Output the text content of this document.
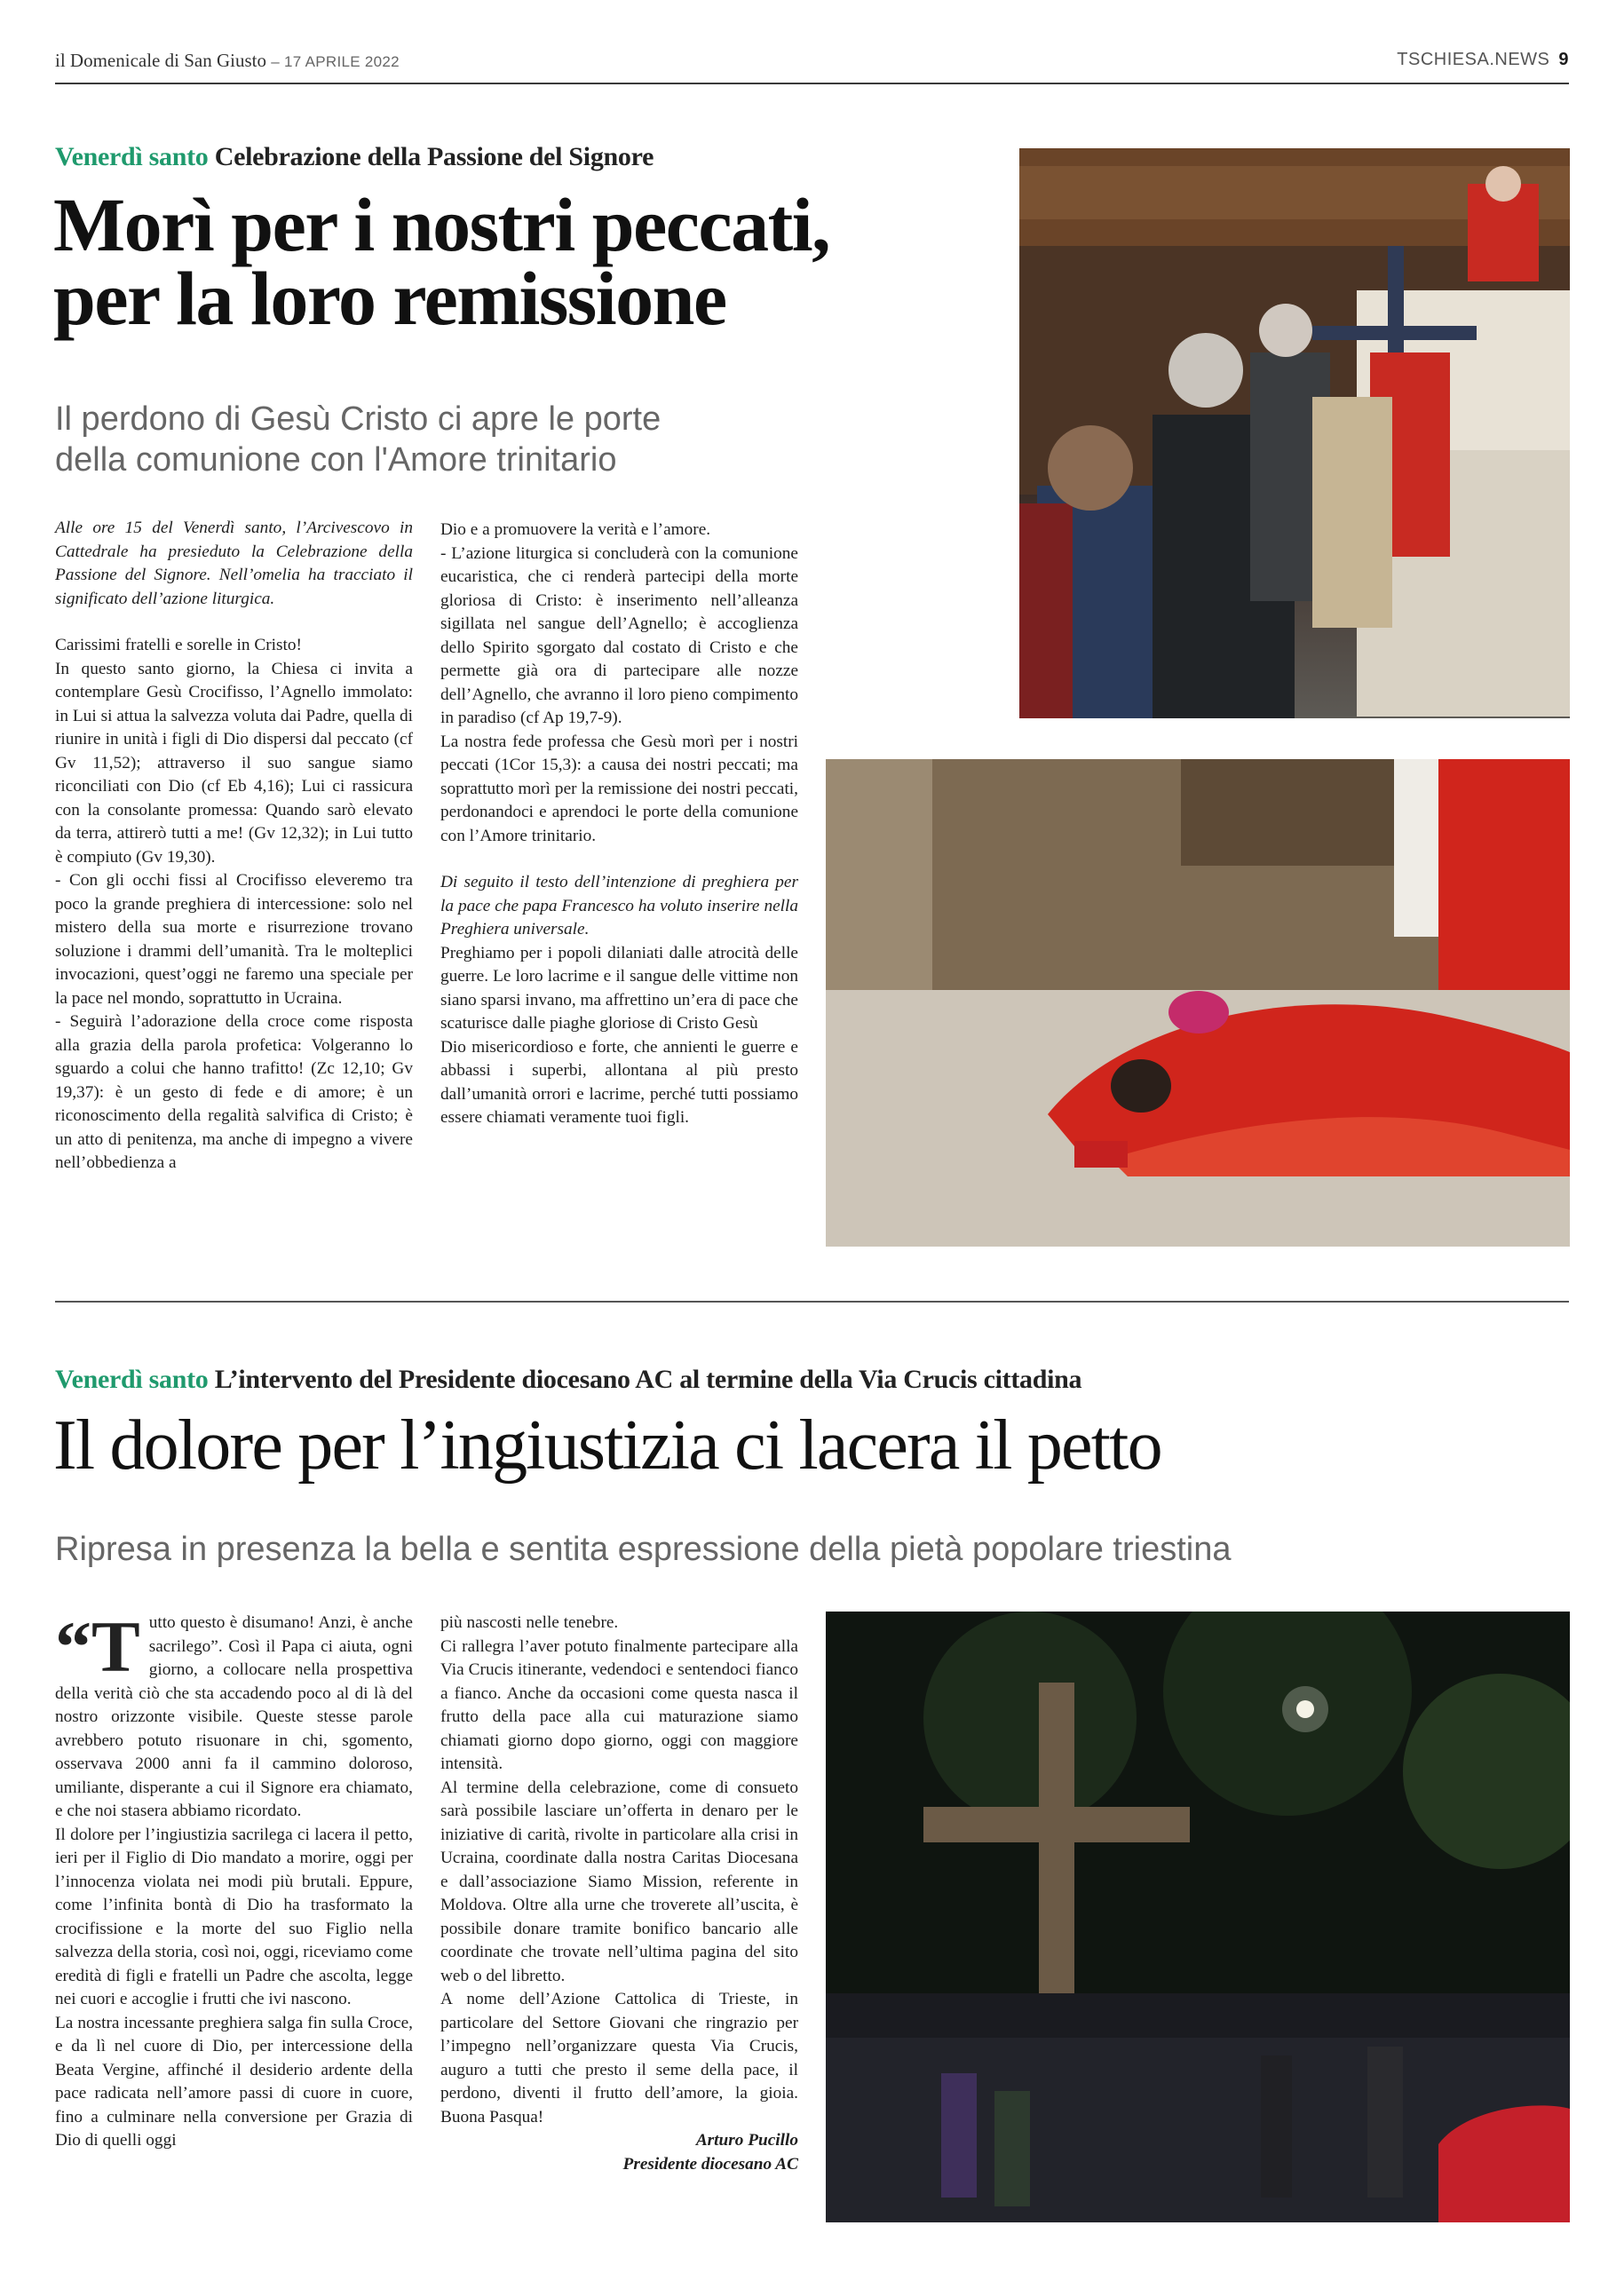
il Domenicale di San Giusto – 17 APRILE 2022	TSCHIESA.NEWS 9
Venerdì santo Celebrazione della Passione del Signore
Morì per i nostri peccati,
per la loro remissione
Il perdono di Gesù Cristo ci apre le porte
della comunione con l'Amore trinitario

Alle ore 15 del Venerdì santo, l’Arcivescovo in Cattedrale ha presieduto la Celebrazione della Passione del Signore. Nell’omelia ha tracciato il significato dell’azione liturgica.

Carissimi fratelli e sorelle in Cristo!

In questo santo giorno, la Chiesa ci invita a contemplare Gesù Crocifisso, l’Agnello immolato: in Lui si attua la salvezza voluta dai Padre, quella di riunire in unità i figli di Dio dispersi dal peccato (cf Gv 11,52); attraverso il suo sangue siamo riconciliati con Dio (cf Eb 4,16); Lui ci rassicura con la consolante promessa: Quando sarò elevato da terra, attirerò tutti a me! (Gv 12,32); in Lui tutto è compiuto (Gv 19,30).

- Con gli occhi fissi al Crocifisso eleveremo tra poco la grande preghiera di intercessione: solo nel mistero della sua morte e risurrezione trovano soluzione i drammi dell’umanità. Tra le molteplici invocazioni, quest’oggi ne faremo una speciale per la pace nel mondo, soprattutto in Ucraina.

- Seguirà l’adorazione della croce come risposta alla grazia della parola profetica: Volgeranno lo sguardo a colui che hanno trafitto! (Zc 12,10; Gv 19,37): è un gesto di fede e di amore; è un riconoscimento della regalità salvifica di Cristo; è un atto di penitenza, ma anche di impegno a vivere nell’obbedienza a

Dio e a promuovere la verità e l’amore.

- L’azione liturgica si concluderà con la comunione eucaristica, che ci renderà partecipi della morte gloriosa di Cristo: è inserimento nell’alleanza sigillata nel sangue dell’Agnello; è accoglienza dello Spirito sgorgato dal costato di Cristo e che permette già ora di partecipare alle nozze dell’Agnello, che avranno il loro pieno compimento in paradiso (cf Ap 19,7-9).

La nostra fede professa che Gesù morì per i nostri peccati (1Cor 15,3): a causa dei nostri peccati; ma soprattutto morì per la remissione dei nostri peccati, perdonandoci e aprendoci le porte della comunione con l’Amore trinitario.

Di seguito il testo dell’intenzione di preghiera per la pace che papa Francesco ha voluto inserire nella Preghiera universale.

Preghiamo per i popoli dilaniati dalle atrocità delle guerre. Le loro lacrime e il sangue delle vittime non siano sparsi invano, ma affrettino un’era di pace che scaturisce dalle piaghe gloriose di Cristo Gesù

Dio misericordioso e forte, che annienti le guerre e abbassi i superbi, allontana al più presto dall’umanità orrori e lacrime, perché tutti possiamo essere chiamati veramente tuoi figli.

Venerdì santo L’intervento del Presidente diocesano AC al termine della Via Crucis cittadina
Il dolore per l’ingiustizia ci lacera il petto
Ripresa in presenza la bella e sentita espressione della pietà popolare triestina
“T utto questo è disumano! Anzi, è anche sacrilego”. Così il Papa ci aiuta, ogni giorno, a collocare nella prospettiva della verità ciò che sta accadendo poco al di là del nostro orizzonte visibile. Queste stesse parole avrebbero potuto risuonare in chi, sgomento, osservava 2000 anni fa il cammino doloroso, umiliante, disperante a cui il Signore era chiamato, e che noi stasera abbiamo ricordato.

Il dolore per l’ingiustizia sacrilega ci lacera il petto, ieri per il Figlio di Dio mandato a morire, oggi per l’innocenza violata nei modi più brutali. Eppure, come l’infinita bontà di Dio ha trasformato la crocifissione e la morte del suo Figlio nella salvezza della storia, così noi, oggi, riceviamo come eredità di figli e fratelli un Padre che ascolta, legge nei cuori e accoglie i frutti che ivi nascono.

La nostra incessante preghiera salga fin sulla Croce, e da lì nel cuore di Dio, per intercessione della Beata Vergine, affinché il desiderio ardente della pace radicata nell’amore passi di cuore in cuore, fino a culminare nella conversione per Grazia di Dio di quelli oggi

più nascosti nelle tenebre.

Ci rallegra l’aver potuto finalmente partecipare alla Via Crucis itinerante, vedendoci e sentendoci fianco a fianco. Anche da occasioni come questa nasca il frutto della pace alla cui maturazione siamo chiamati giorno dopo giorno, oggi con maggiore intensità.

Al termine della celebrazione, come di consueto sarà possibile lasciare un’offerta in denaro per le iniziative di carità, rivolte in particolare alla crisi in Ucraina, coordinate dalla nostra Caritas Diocesana e dall’associazione Siamo Mission, referente in Moldova. Oltre alla urne che troverete all’uscita, è possibile donare tramite bonifico bancario alle coordinate che trovate nell’ultima pagina del sito web o del libretto.

A nome dell’Azione Cattolica di Trieste, in particolare del Settore Giovani che ringrazio per l’impegno nell’organizzare questa Via Crucis, auguro a tutti che presto il seme della pace, il perdono, diventi il frutto dell’amore, la gioia. Buona Pasqua!

Arturo Pucillo
Presidente diocesano AC
